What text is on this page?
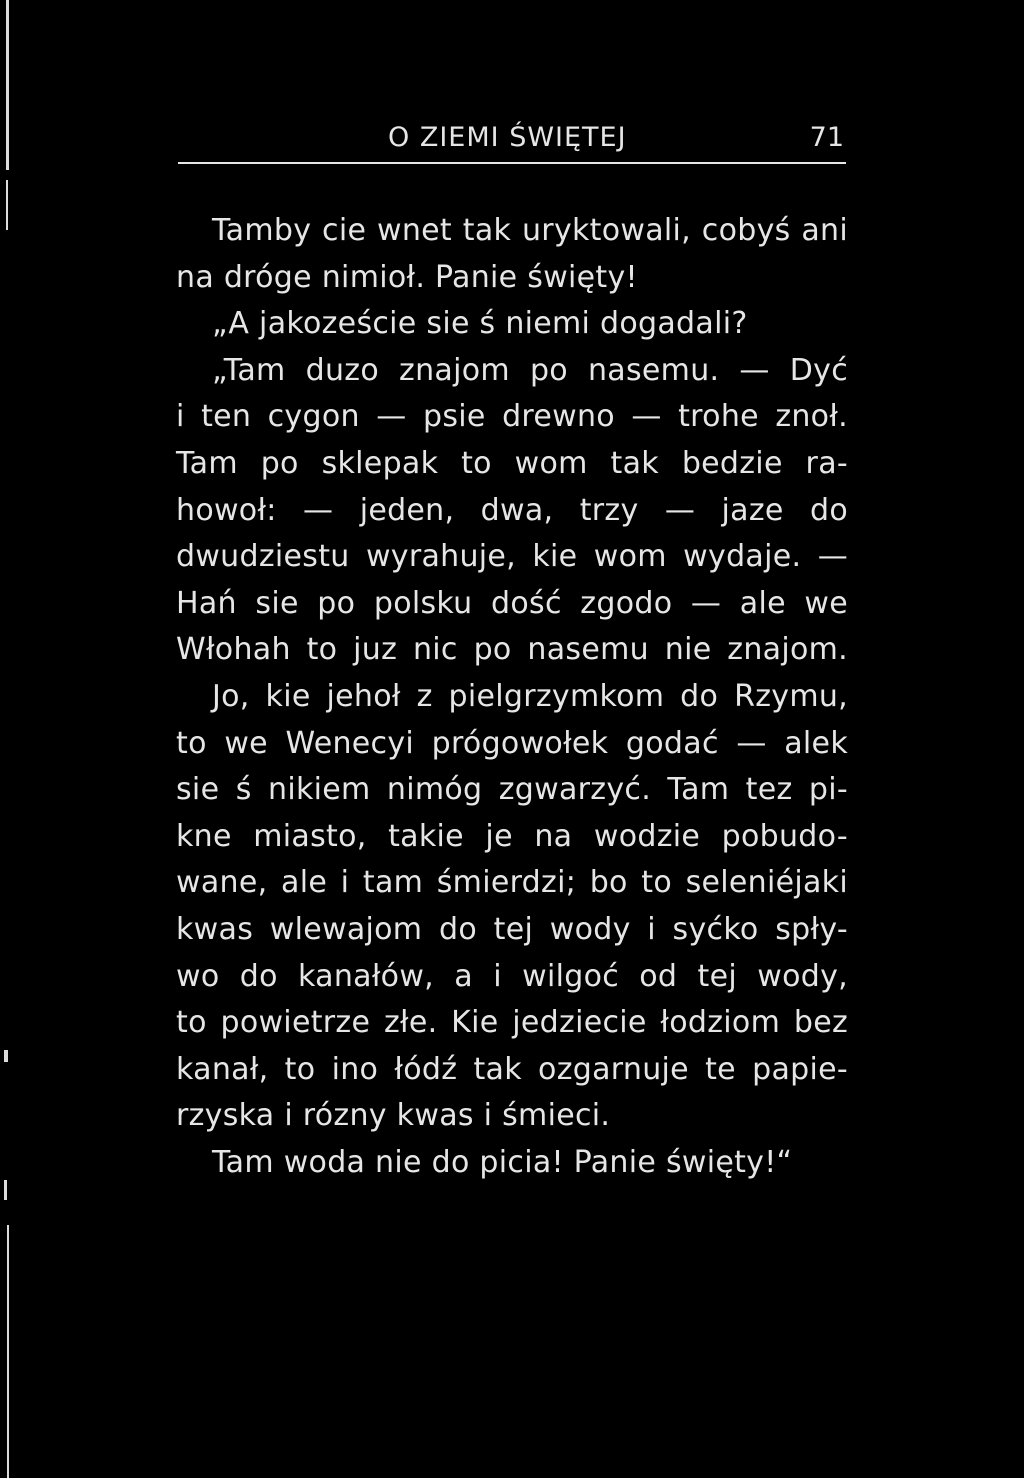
O ZIEMI ŚWIĘTEJ	71
Tamby cie wnet tak uryktowali, cobyś ani
na dróge nimioł. Panie święty!
„A jakozeście sie ś niemi dogadali?
„Tam duzo znajom po nasemu. — Dyć
i ten cygon — psie drewno — trohe znoł.
Tam po sklepak to wom tak bedzie ra-
howoł: — jeden, dwa, trzy — jaze do
dwudziestu wyrahuje, kie wom wydaje. —
Hań sie po polsku dość zgodo — ale we
Włohah to juz nic po nasemu nie znajom.
Jo, kie jehoł z pielgrzymkom do Rzymu,
to we Wenecyi prógowołek godać — alek
sie ś nikiem nimóg zgwarzyć. Tam tez pi-
kne miasto, takie je na wodzie pobudo-
wane, ale i tam śmierdzi; bo to seleniéjaki
kwas wlewajom do tej wody i syćko spły-
wo do kanałów, a i wilgoć od tej wody,
to powietrze złe. Kie jedziecie łodziom bez
kanał, to ino łódź tak ozgarnuje te papie-
rzyska i rózny kwas i śmieci.
Tam woda nie do picia! Panie święty!“
